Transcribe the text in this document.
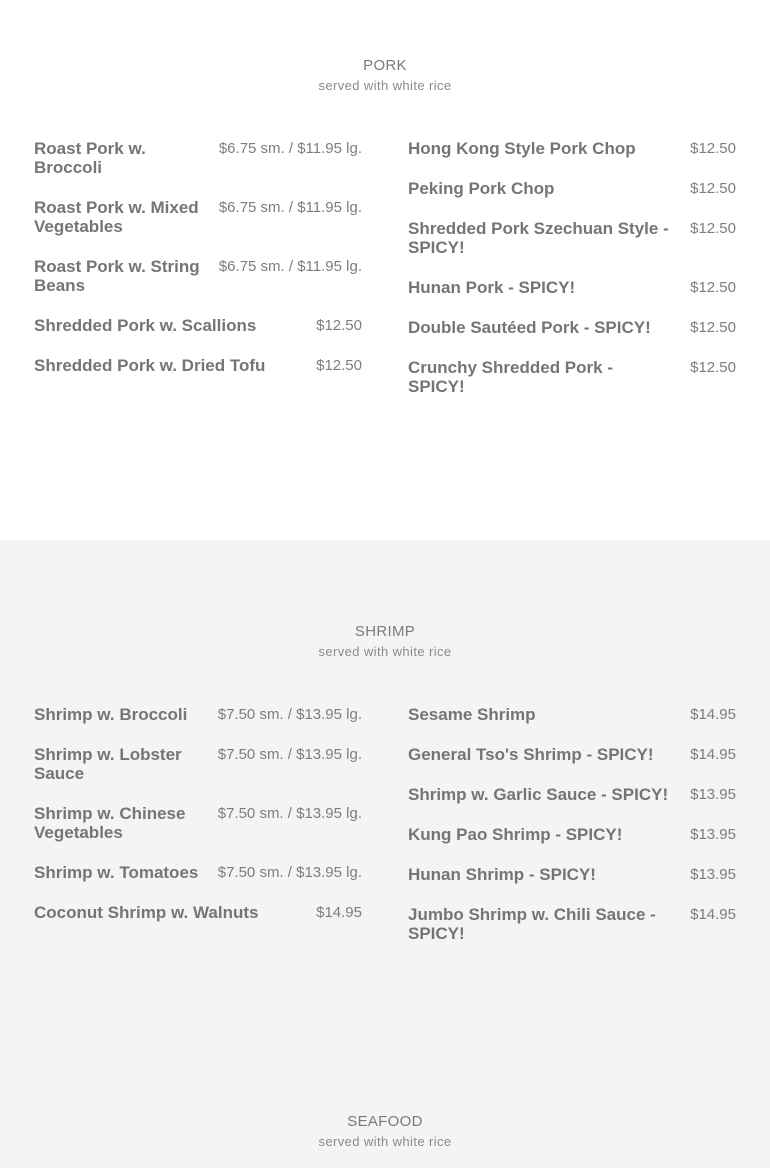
PORK
served with white rice
Roast Pork w. Broccoli
$6.75 sm. / $11.95 lg.
Roast Pork w. Mixed Vegetables
$6.75 sm. / $11.95 lg.
Roast Pork w. String Beans
$6.75 sm. / $11.95 lg.
Shredded Pork w. Scallions	$12.50
Shredded Pork w. Dried Tofu	$12.50
Hong Kong Style Pork Chop	$12.50
Peking Pork Chop	$12.50
Shredded Pork Szechuan Style - SPICY!
$12.50
Hunan Pork - SPICY!	$12.50
Double Sautéed Pork - SPICY!	$12.50
Crunchy Shredded Pork - SPICY!
$12.50
SHRIMP
served with white rice
Shrimp w. Broccoli	$7.50 sm. / $13.95 lg.
Shrimp w. Lobster Sauce
$7.50 sm. / $13.95 lg.
Shrimp w. Chinese Vegetables
$7.50 sm. / $13.95 lg.
Shrimp w. Tomatoes	$7.50 sm. / $13.95 lg.
Coconut Shrimp w. Walnuts	$14.95
Sesame Shrimp	$14.95
General Tso's Shrimp - SPICY!	$14.95
Shrimp w. Garlic Sauce - SPICY! $13.95
Kung Pao Shrimp - SPICY!	$13.95
Hunan Shrimp - SPICY!	$13.95
Jumbo Shrimp w. Chili Sauce - SPICY!
$14.95
SEAFOOD
served with white rice
